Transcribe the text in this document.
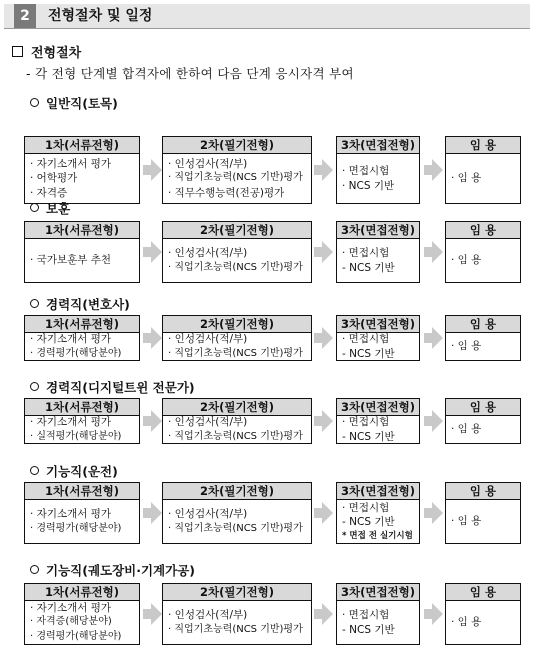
2	전형절차 및 일정
전형절차
- 각 전형 단계별 합격자에 한하여 다음 단계 응시자격 부여
일반직(토목)
1차(서류전형)
· 자기소개서 평가
· 어학평가
· 자격증
2차(필기전형)
· 인성검사(적/부)
· 직업기초능력(NCS 기반)평가
· 직무수행능력(전공)평가
3차(면접전형)
· 면접시험
· NCS 기반
임 용
· 임 용
보훈
1차(서류전형)
· 국가보훈부 추천
2차(필기전형)
· 인성검사(적/부)
· 직업기초능력(NCS 기반)평가
3차(면접전형)
· 면접시험
- NCS 기반
임 용
· 임 용
경력직(변호사)
1차(서류전형)
· 자기소개서 평가
· 경력평가(해당분야)
2차(필기전형)
· 인성검사(적/부)
· 직업기초능력(NCS 기반)평가
3차(면접전형)
· 면접시험
- NCS 기반
임 용
· 임 용
경력직(디지털트윈 전문가)
1차(서류전형)
· 자기소개서 평가
· 실적평가(해당분야)
2차(필기전형)
· 인성검사(적/부)
· 직업기초능력(NCS 기반)평가
3차(면접전형)
· 면접시험
- NCS 기반
임 용
· 임 용
기능직(운전)
1차(서류전형)
· 자기소개서 평가
· 경력평가(해당분야)
2차(필기전형)
· 인성검사(적/부)
· 직업기초능력(NCS 기반)평가
3차(면접전형)
· 면접시험
- NCS 기반
* 면접 전 실기시험
임 용
· 임 용
기능직(궤도장비·기계가공)
1차(서류전형)
· 자기소개서 평가
· 자격증(해당분야)
· 경력평가(해당분야)
2차(필기전형)
· 인성검사(적/부)
· 직업기초능력(NCS 기반)평가
3차(면접전형)
· 면접시험
- NCS 기반
임 용
· 임 용
